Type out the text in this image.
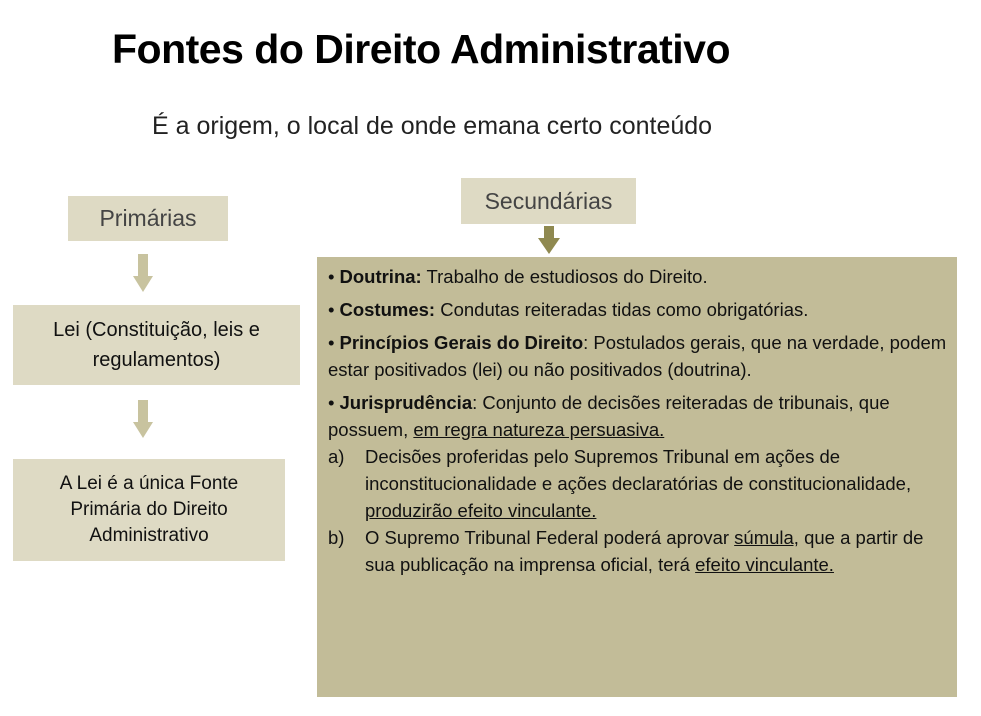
Fontes do Direito Administrativo
É a origem, o local de onde emana certo conteúdo
Primárias
Lei (Constituição, leis e regulamentos)
A Lei é a única Fonte Primária do Direito Administrativo
Secundárias

• Doutrina: Trabalho de estudiosos do Direito.

• Costumes: Condutas reiteradas tidas como obrigatórias.

• Princípios Gerais do Direito: Postulados gerais, que na verdade, podem estar positivados (lei) ou não positivados (doutrina).

• Jurisprudência: Conjunto de decisões reiteradas de tribunais, que possuem, em regra natureza persuasiva.

a)	Decisões proferidas pelo Supremos Tribunal em ações de inconstitucionalidade e ações declaratórias de constitucionalidade, produzirão efeito vinculante.
b)	O Supremo Tribunal Federal poderá aprovar súmula, que a partir de sua publicação na imprensa oficial, terá efeito vinculante.
